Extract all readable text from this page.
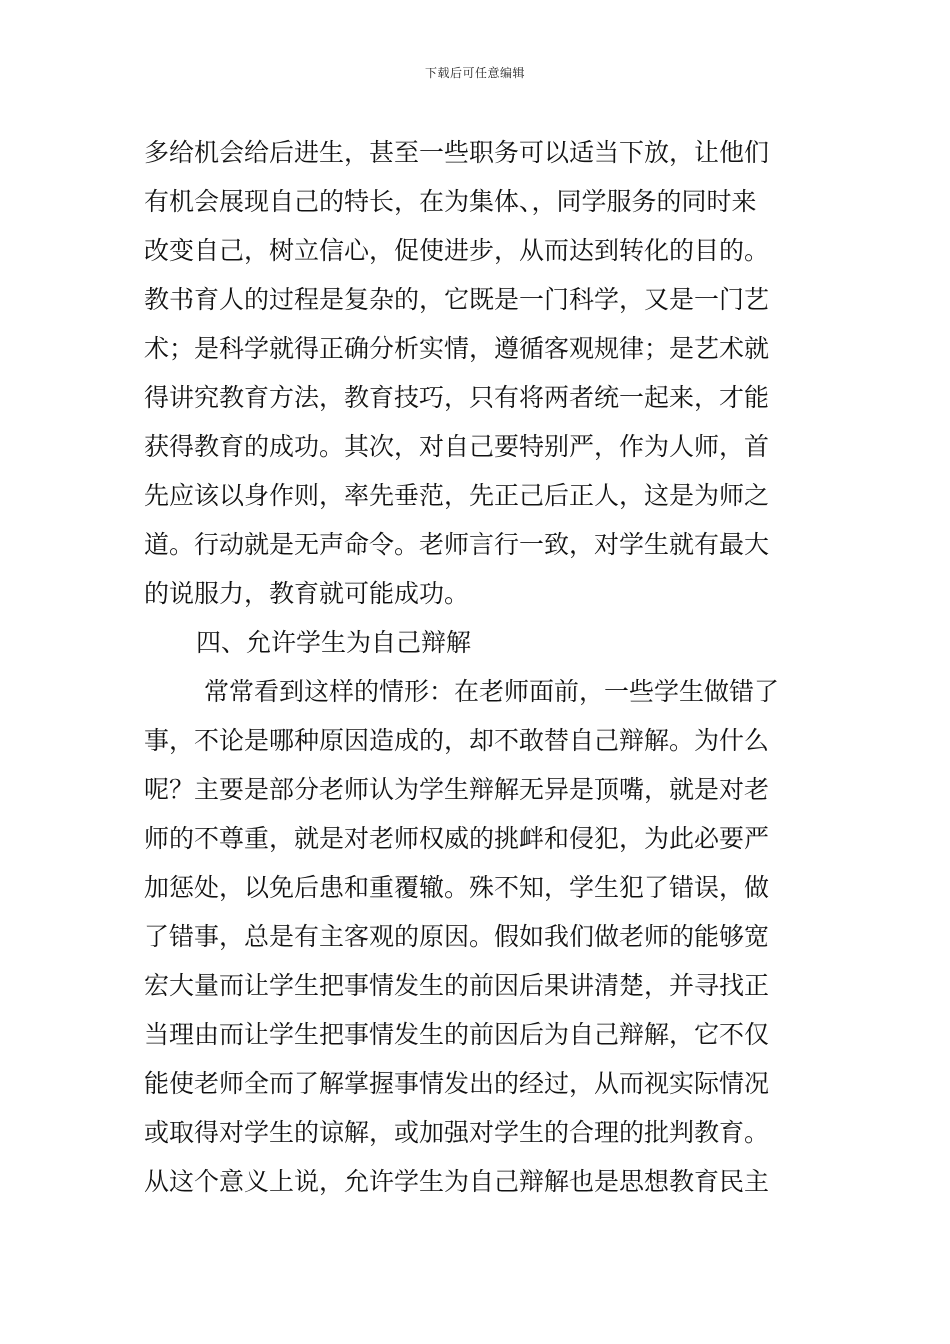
下载后可任意编辑
多给机会给后进生，甚至一些职务可以适当下放，让他们
有机会展现自己的特长，在为集体、，同学服务的同时来
改变自己，树立信心，促使进步，从而达到转化的目的。
教书育人的过程是复杂的，它既是一门科学，又是一门艺
术；是科学就得正确分析实情，遵循客观规律；是艺术就
得讲究教育方法，教育技巧，只有将两者统一起来，才能
获得教育的成功。其次，对自己要特别严，作为人师，首
先应该以身作则，率先垂范，先正己后正人，这是为师之
道。行动就是无声命令。老师言行一致，对学生就有最大
的说服力，教育就可能成功。
四、允许学生为自己辩解
常常看到这样的情形：在老师面前，一些学生做错了
事，不论是哪种原因造成的，却不敢替自己辩解。为什么
呢？主要是部分老师认为学生辩解无异是顶嘴，就是对老
师的不尊重，就是对老师权威的挑衅和侵犯，为此必要严
加惩处，以免后患和重覆辙。殊不知，学生犯了错误，做
了错事，总是有主客观的原因。假如我们做老师的能够宽
宏大量而让学生把事情发生的前因后果讲清楚，并寻找正
当理由而让学生把事情发生的前因后为自己辩解，它不仅
能使老师全而了解掌握事情发出的经过，从而视实际情况
或取得对学生的谅解，或加强对学生的合理的批判教育。
从这个意义上说，允许学生为自己辩解也是思想教育民主
